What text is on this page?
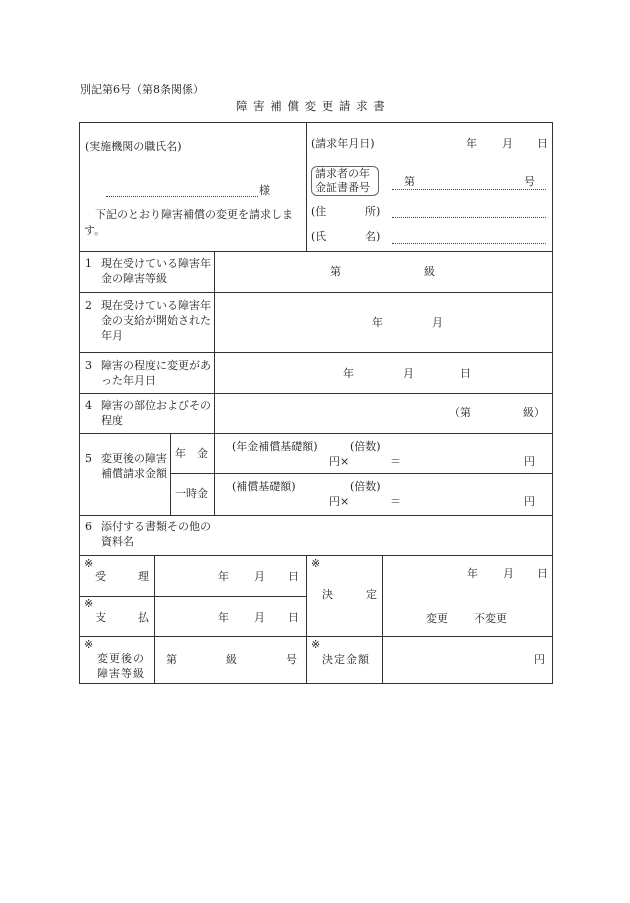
別記第6号（第8条関係）
障 害 補 償 変 更 請 求 書
(実施機関の職氏名)
様
下記のとおり障害補償の変更を請求します。
(請求年月日)	年 月 日
請求者の年
金証書番号	第	号
(住	所)
(氏	名)
1 現在受けている障害年金の障害等級
第	級
2 現在受けている障害年金の支給が開始された年月
年	月
3 障害の程度に変更があった年月日
年	月	日
4 障害の部位およびその程度
（第	級）
5 変更後の障害補償請求金額
年　金
(年金補償基礎額)	(倍数)
円×	＝	円
一時金
(補償基礎額)	(倍数)
円×	＝	円
6 添付する書類その他の資料名
※
受	理	年 月 日
※
支	払	年 月 日
※
決	定
年 月 日
変更 不変更
※
変更後の
障害等級
第	級	号
※
決定金額	円
